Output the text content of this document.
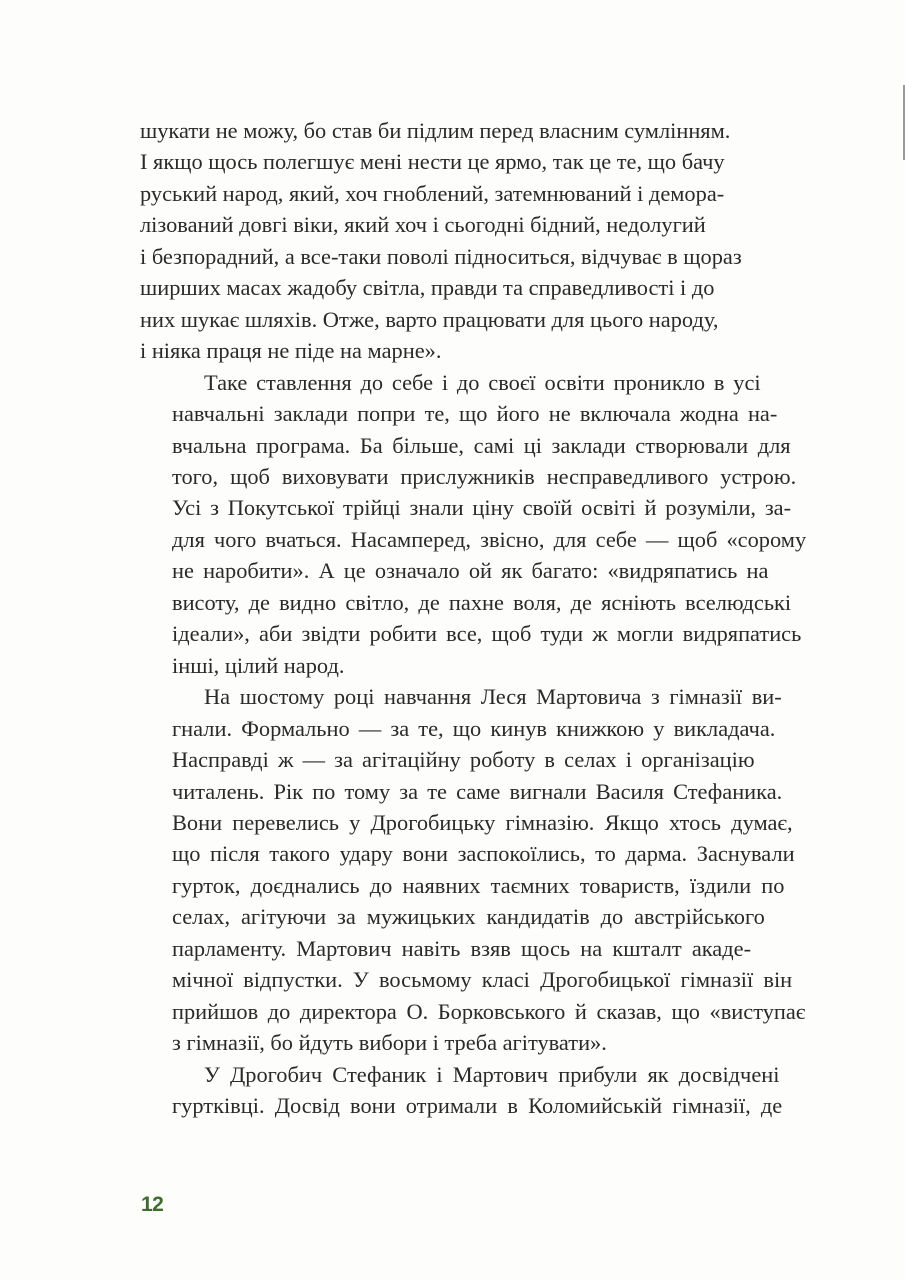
шукати не можу, бо став би підлим перед власним сумлінням.
І якщо щось полегшує мені нести це ярмо, так це те, що бачу
руський народ, який, хоч гноблений, затемнюваний і демора-
лізований довгі віки, який хоч і сьогодні бідний, недолугий
і безпорадний, а все-таки поволі підноситься, відчуває в щораз
ширших масах жадобу світла, правди та справедливості і до
них шукає шляхів. Отже, варто працювати для цього народу,
і ніяка праця не піде на марне».

Таке ставлення до себе і до своєї освіти проникло в усі
навчальні заклади попри те, що його не включала жодна на-
вчальна програма. Ба більше, самі ці заклади створювали для
того, щоб виховувати прислужників несправедливого устрою.
Усі з Покутської трійці знали ціну своїй освіті й розуміли, за-
для чого вчаться. Насамперед, звісно, для себе — щоб «сорому
не наробити». А це означало ой як багато: «видряпатись на
висоту, де видно світло, де пахне воля, де яcніють вселюдські
ідеали», аби звідти робити все, щоб туди ж могли видряпатись
інші, цілий народ.

На шостому році навчання Леся Мартовича з гімназії ви-
гнали. Формально — за те, що кинув книжкою у викладача.
Насправді ж — за агітаційну роботу в селах і організацію
читалень. Рік по тому за те саме вигнали Василя Стефаника.
Вони перевелись у Дрогобицьку гімназію. Якщо хтось думає,
що після такого удару вони заспокоїлись, то дарма. Заснували
гурток, доєднались до наявних таємних товариств, їздили по
селах, агітуючи за мужицьких кандидатів до австрійського
парламенту. Мартович навіть взяв щось на кшталт акаде-
мічної відпустки. У восьмому класі Дрогобицької гімназії він
прийшов до директора О. Борковського й сказав, що «виступає
з гімназії, бо йдуть вибори і треба агітувати».

У Дрогобич Стефаник і Мартович прибули як досвідчені
гуртківці. Досвід вони отримали в Коломийській гімназії, де

12
